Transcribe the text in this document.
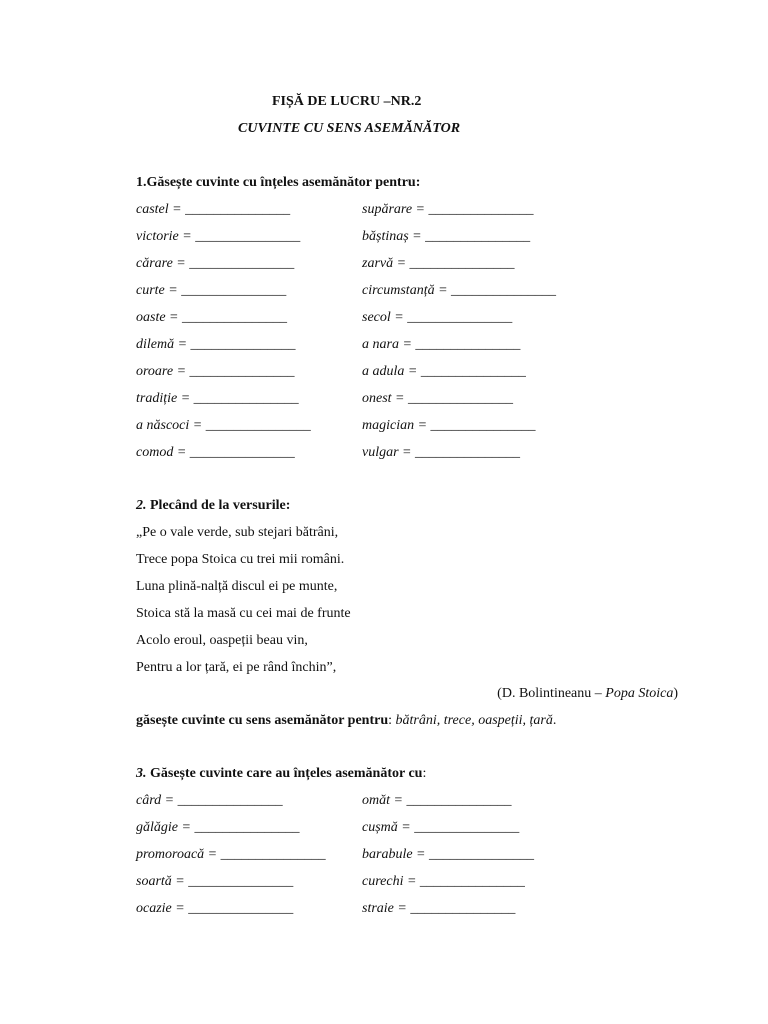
FIȘĂ DE LUCRU –NR.2
CUVINTE CU SENS ASEMĂNĂTOR
1.Găsește cuvinte cu înțeles asemănător pentru:
castel = _______________
victorie = _______________
cărare = _______________
curte = _______________
oaste = _______________
dilemă = _______________
oroare = _______________
tradiție = _______________
a născoci = _______________
comod = _______________
supărare = _______________
băștinaș = _______________
zarvă = _______________
circumstanță = _______________
secol = _______________
a nara = _______________
a adula = _______________
onest = _______________
magician = _______________
vulgar = _______________
2. Plecând de la versurile:
„Pe o vale verde, sub stejari bătrâni,
Trece popa Stoica cu trei mii români.
Luna plină-nalță discul ei pe munte,
Stoica stă la masă cu cei mai de frunte
Acolo eroul, oaspeții beau vin,
Pentru a lor țară, ei pe rând închin”,
(D. Bolintineanu – Popa Stoica)
găsește cuvinte cu sens asemănător pentru: bătrâni, trece, oaspeții, țară.
3. Găsește cuvinte care au înțeles asemănător cu:
cârd = _______________
gălăgie = _______________
promoroacă = _______________
soartă = _______________
ocazie = _______________
omăt = _______________
cușmă = _______________
barabule = _______________
curechi = _______________
straie = _______________
